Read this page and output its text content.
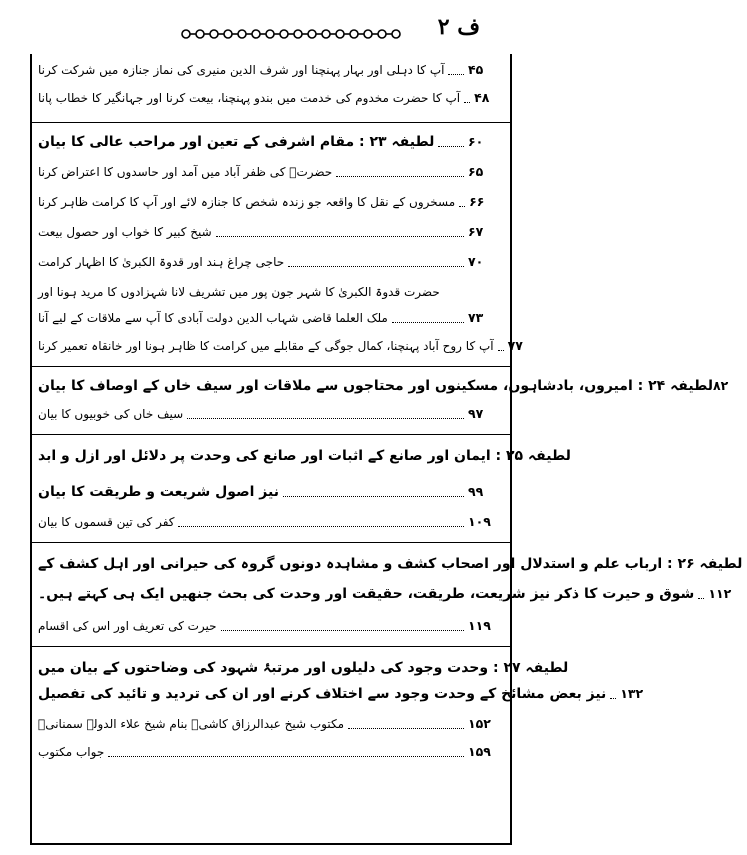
ف ۲
آپ کا دہلی اور بہار پہنچنا اور شرف الدین منیری کی نماز جنازہ میں شرکت کرنا ۴۵
آپ کا حضرت مخدوم کی خدمت میں بندو پہنچنا، بیعت کرنا اور جہانگیر کا خطاب پانا ۴۸
لطیفہ ۲۳ : مقام اشرفی کے تعین اور مراحب عالی کا بیان	۶۰
حضرتؒ کی ظفر آباد میں آمد اور حاسدوں کا اعتراض کرنا	۶۵
مسخروں کے نقل کا واقعہ جو زندہ شخص کا جنازہ لائے اور آپ کا کرامت ظاہر کرنا ۶۶
شیخ کبیر کا خواب اور حصول بیعت	۶۷
حاجی چراغ ہند اور قدوۃ الکبریٰ کا اظہار کرامت	۷۰
حضرت قدوۃ الکبریٰ کا شہر جون پور میں تشریف لانا شہزادوں کا مرید ہونا اور
ملک العلما قاضی شہاب الدین دولت آبادی کا آپ سے ملاقات کے لیے آنا	۷۳
آپ کا روح آباد پہنچنا، کمال جوگی کے مقابلے میں کرامت کا ظاہر ہونا اور خانقاہ تعمیر کرنا ۷۷
لطیفہ ۲۴ : امیروں، بادشاہوں، مسکینوں اور محتاجوں سے ملاقات اور سیف خاں کے اوصاف کا بیان ۸۲
سیف خاں کی خوبیوں کا بیان	۹۷
لطیفہ ۲۵ : ایمان اور صانع کے اثبات اور صانع کی وحدت پر دلائل اور ازل و ابد
نیز اصول شریعت و طریقت کا بیان	۹۹
کفر کی تین قسموں کا بیان	۱۰۹
لطیفہ ۲۶ : ارباب علم و استدلال اور اصحاب کشف و مشاہدہ دونوں گروہ کی حیرانی اور اہل کشف کے
شوق و حیرت کا ذکر نیز شریعت، طریقت، حقیقت اور وحدت کی بحث جنھیں ایک ہی کہتے ہیں۔ ۱۱۲
حیرت کی تعریف اور اس کی اقسام	۱۱۹
لطیفہ ۲۷ : وحدت وجود کی دلیلوں اور مرتبۂ شہود کی وضاحتوں کے بیان میں
نیز بعض مشائخ کے وحدت وجود سے اختلاف کرنے اور ان کی تردید و تائید کی تفصیل ۱۳۲
مکتوب شیخ عبدالرزاق کاشیؒ بنام شیخ علاء الدولہ سمنانیؒ	۱۵۲
جواب مکتوب	۱۵۹
